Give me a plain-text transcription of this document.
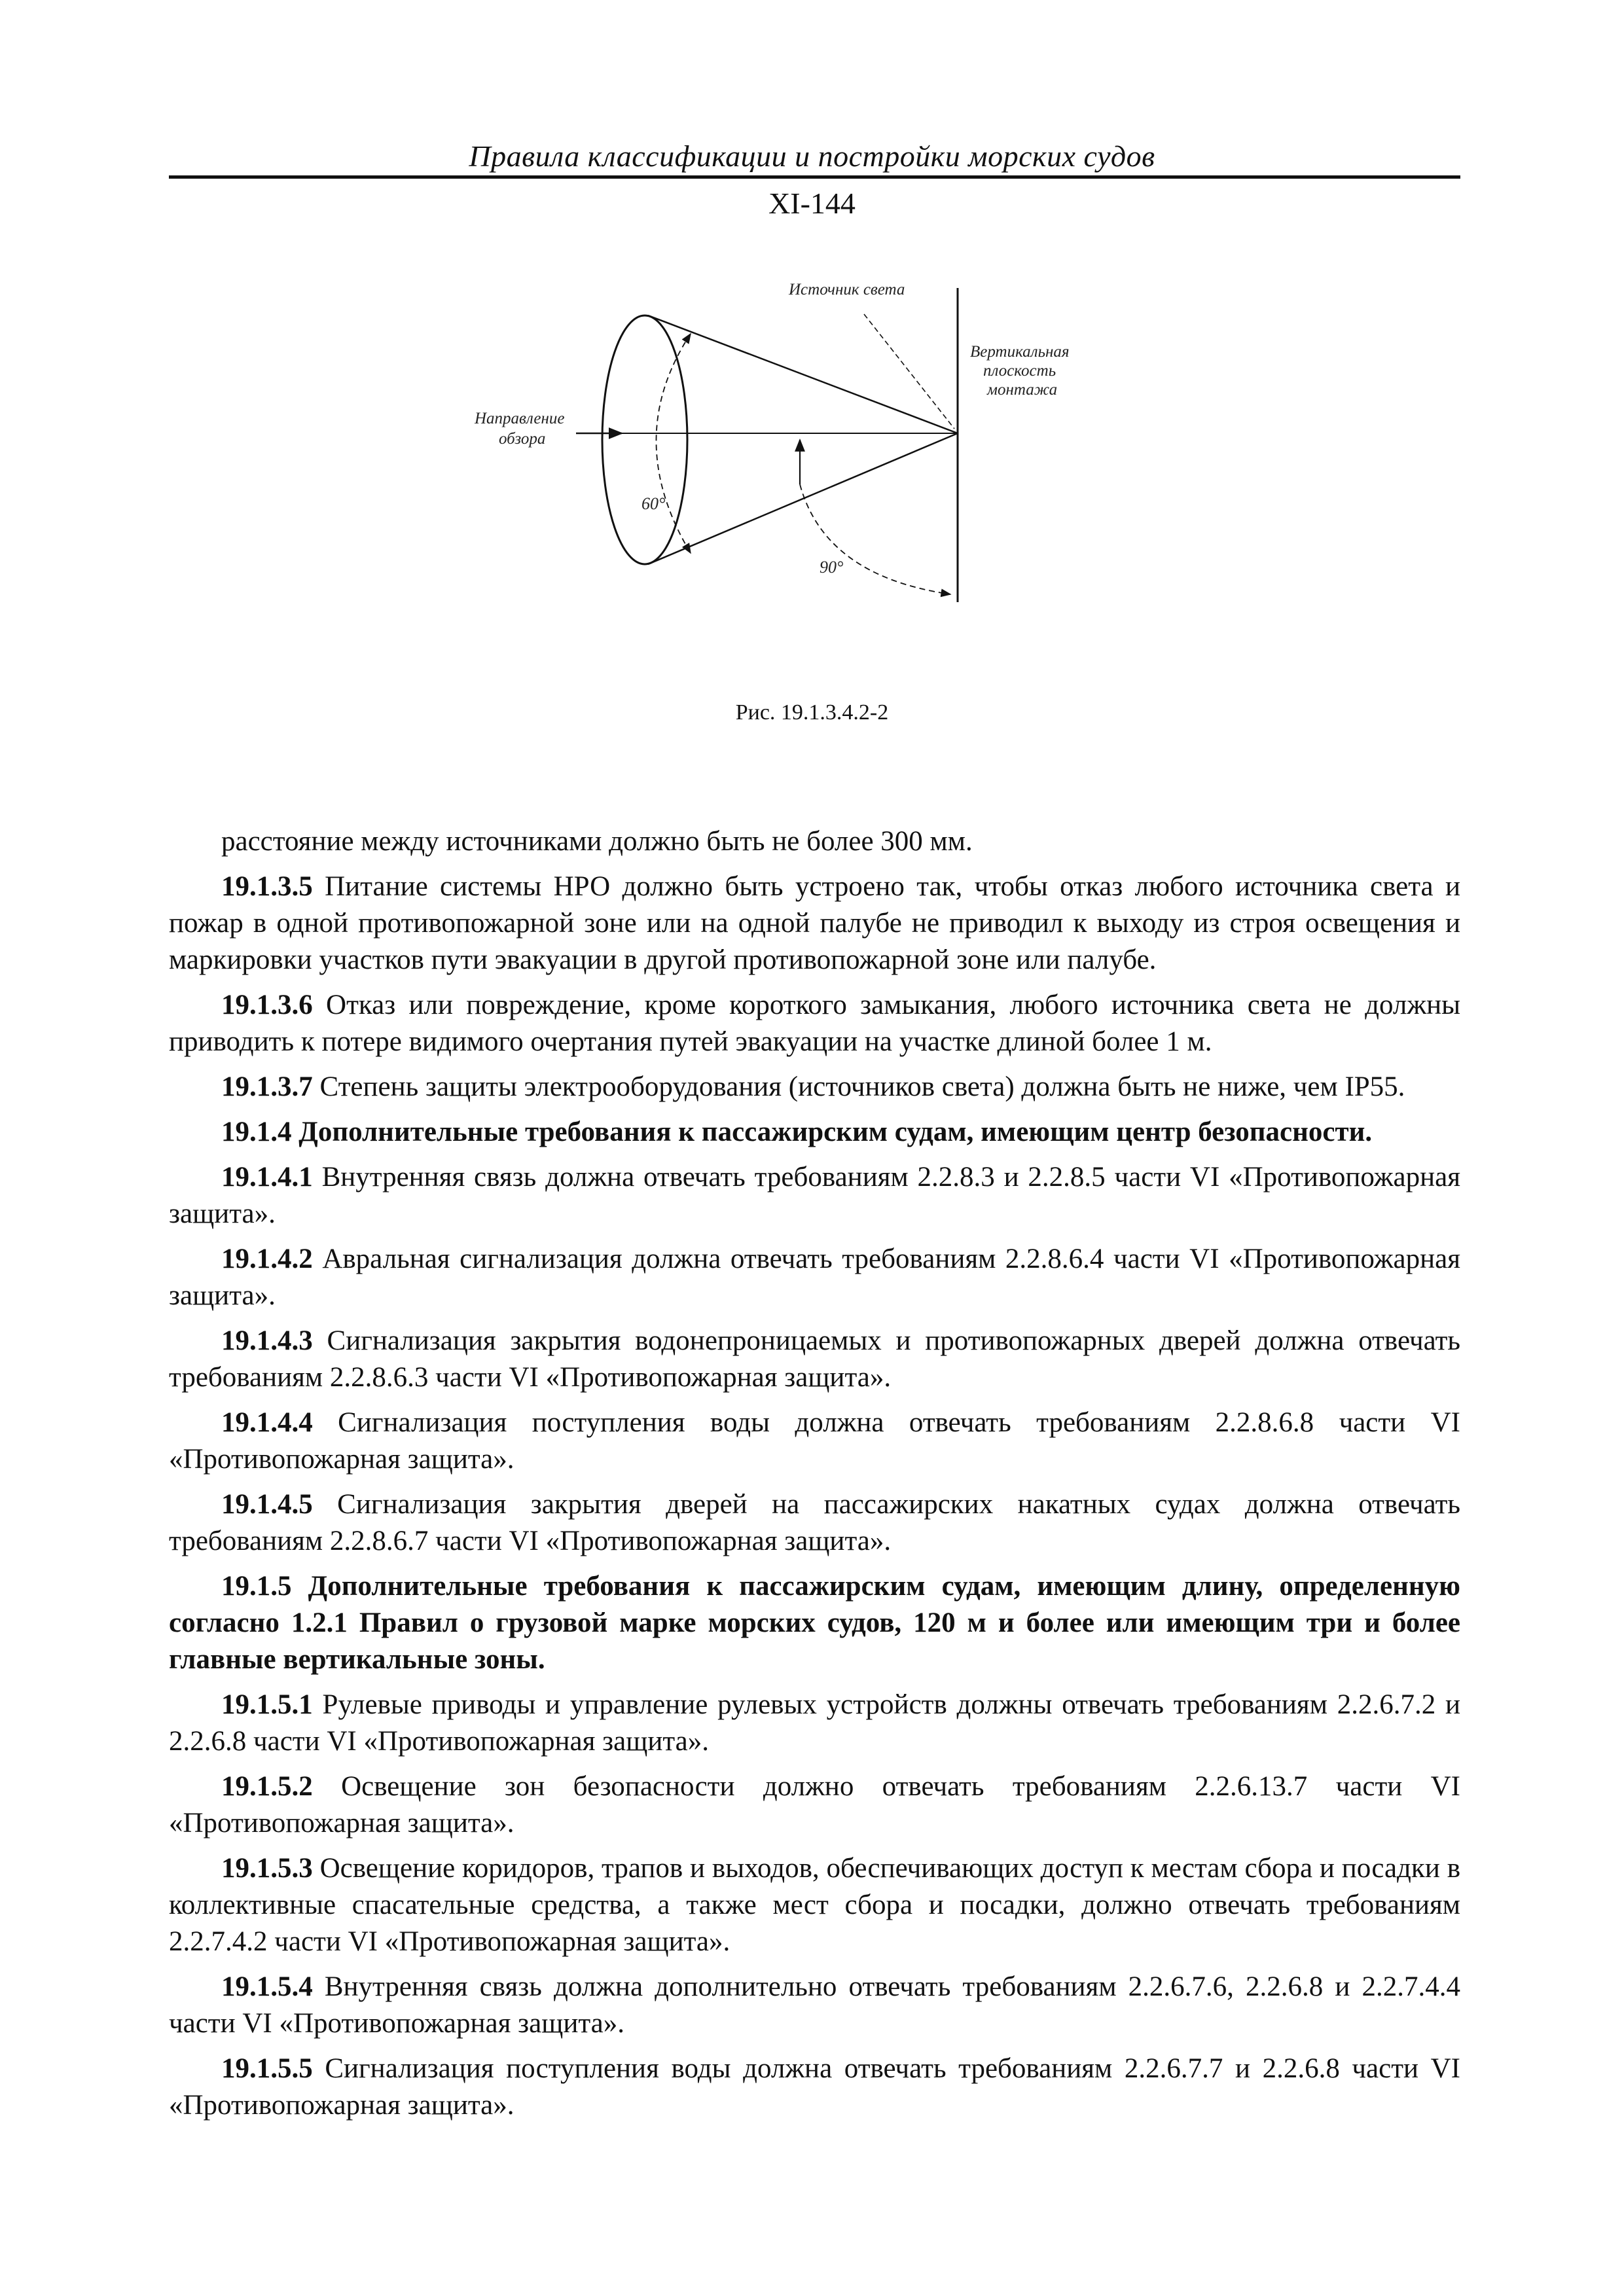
Правила классификации и постройки морских судов
XI-144
Источник света
Вертикальная
плоскость
монтажа
Направление
обзора
60°
90°
Рис. 19.1.3.4.2-2

расстояние между источниками должно быть не более 300 мм.

19.1.3.5 Питание системы НРО должно быть устроено так, чтобы отказ любого источника света и пожар в одной противопожарной зоне или на одной палубе не приводил к выходу из строя освещения и маркировки участков пути эвакуации в другой противопожарной зоне или палубе.

19.1.3.6 Отказ или повреждение, кроме короткого замыкания, любого источника света не должны приводить к потере видимого очертания путей эвакуации на участке длиной более 1 м.

19.1.3.7 Степень защиты электрооборудования (источников света) должна быть не ниже, чем IP55.

19.1.4 Дополнительные требования к пассажирским судам, имеющим центр безопасности.

19.1.4.1 Внутренняя связь должна отвечать требованиям 2.2.8.3 и 2.2.8.5 части VI «Противопожарная защита».

19.1.4.2 Авральная сигнализация должна отвечать требованиям 2.2.8.6.4 части VI «Противопожарная защита».

19.1.4.3 Сигнализация закрытия водонепроницаемых и противопожарных дверей должна отвечать требованиям 2.2.8.6.3 части VI «Противопожарная защита».

19.1.4.4 Сигнализация поступления воды должна отвечать требованиям 2.2.8.6.8 части VI «Противопожарная защита».

19.1.4.5 Сигнализация закрытия дверей на пассажирских накатных судах должна отвечать требованиям 2.2.8.6.7 части VI «Противопожарная защита».

19.1.5 Дополнительные требования к пассажирским судам, имеющим длину, определенную согласно 1.2.1 Правил о грузовой марке морских судов, 120 м и более или имеющим три и более главные вертикальные зоны.

19.1.5.1 Рулевые приводы и управление рулевых устройств должны отвечать требованиям 2.2.6.7.2 и 2.2.6.8 части VI «Противопожарная защита».

19.1.5.2 Освещение зон безопасности должно отвечать требованиям 2.2.6.13.7 части VI «Противопожарная защита».

19.1.5.3 Освещение коридоров, трапов и выходов, обеспечивающих доступ к местам сбора и посадки в коллективные спасательные средства, а также мест сбора и посадки, должно отвечать требованиям 2.2.7.4.2 части VI «Противопожарная защита».

19.1.5.4 Внутренняя связь должна дополнительно отвечать требованиям 2.2.6.7.6, 2.2.6.8 и 2.2.7.4.4 части VI «Противопожарная защита».

19.1.5.5 Сигнализация поступления воды должна отвечать требованиям 2.2.6.7.7 и 2.2.6.8 части VI «Противопожарная защита».
